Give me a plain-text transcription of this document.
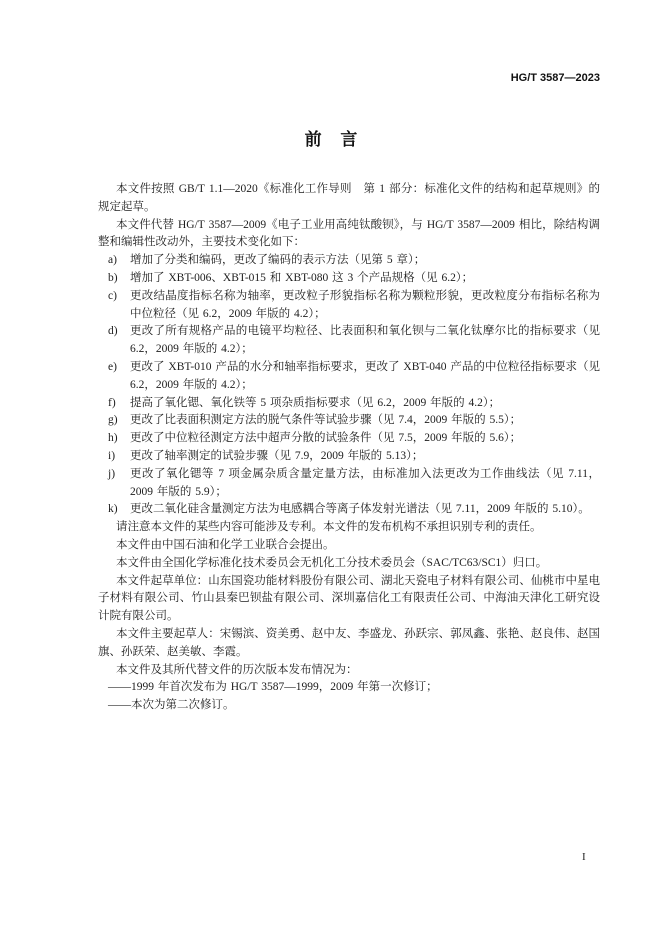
HG/T 3587—2023
前 言

本文件按照 GB/T 1.1—2020《标准化工作导则　第 1 部分：标准化文件的结构和起草规则》的规定起草。

本文件代替 HG/T 3587—2009《电子工业用高纯钛酸钡》，与 HG/T 3587—2009 相比，除结构调整和编辑性改动外，主要技术变化如下：

a) 增加了分类和编码，更改了编码的表示方法（见第 5 章）；
b) 增加了 XBT-006、XBT-015 和 XBT-080 这 3 个产品规格（见 6.2）；
c) 更改结晶度指标名称为轴率，更改粒子形貌指标名称为颗粒形貌，更改粒度分布指标名称为中位粒径（见 6.2，2009 年版的 4.2）；
d) 更改了所有规格产品的电镜平均粒径、比表面积和氧化钡与二氧化钛摩尔比的指标要求（见 6.2，2009 年版的 4.2）；
e) 更改了 XBT-010 产品的水分和轴率指标要求，更改了 XBT-040 产品的中位粒径指标要求（见 6.2，2009 年版的 4.2）；
f) 提高了氧化锶、氧化铁等 5 项杂质指标要求（见 6.2，2009 年版的 4.2）；
g) 更改了比表面积测定方法的脱气条件等试验步骤（见 7.4，2009 年版的 5.5）；
h) 更改了中位粒径测定方法中超声分散的试验条件（见 7.5，2009 年版的 5.6）；
i) 更改了轴率测定的试验步骤（见 7.9，2009 年版的 5.13）；
j) 更改了氧化锶等 7 项金属杂质含量定量方法，由标准加入法更改为工作曲线法（见 7.11，2009 年版的 5.9）；
k) 更改二氧化硅含量测定方法为电感耦合等离子体发射光谱法（见 7.11，2009 年版的 5.10）。

请注意本文件的某些内容可能涉及专利。本文件的发布机构不承担识别专利的责任。

本文件由中国石油和化学工业联合会提出。

本文件由全国化学标准化技术委员会无机化工分技术委员会（SAC/TC63/SC1）归口。

本文件起草单位：山东国瓷功能材料股份有限公司、湖北天瓷电子材料有限公司、仙桃市中星电子材料有限公司、竹山县秦巴钡盐有限公司、深圳嘉信化工有限责任公司、中海油天津化工研究设计院有限公司。

本文件主要起草人：宋锡滨、资美勇、赵中友、李盛龙、孙跃宗、郭凤鑫、张艳、赵良伟、赵国旗、孙跃荣、赵美敏、李霞。

本文件及其所代替文件的历次版本发布情况为：

——1999 年首次发布为 HG/T 3587—1999，2009 年第一次修订；
——本次为第二次修订。
I
